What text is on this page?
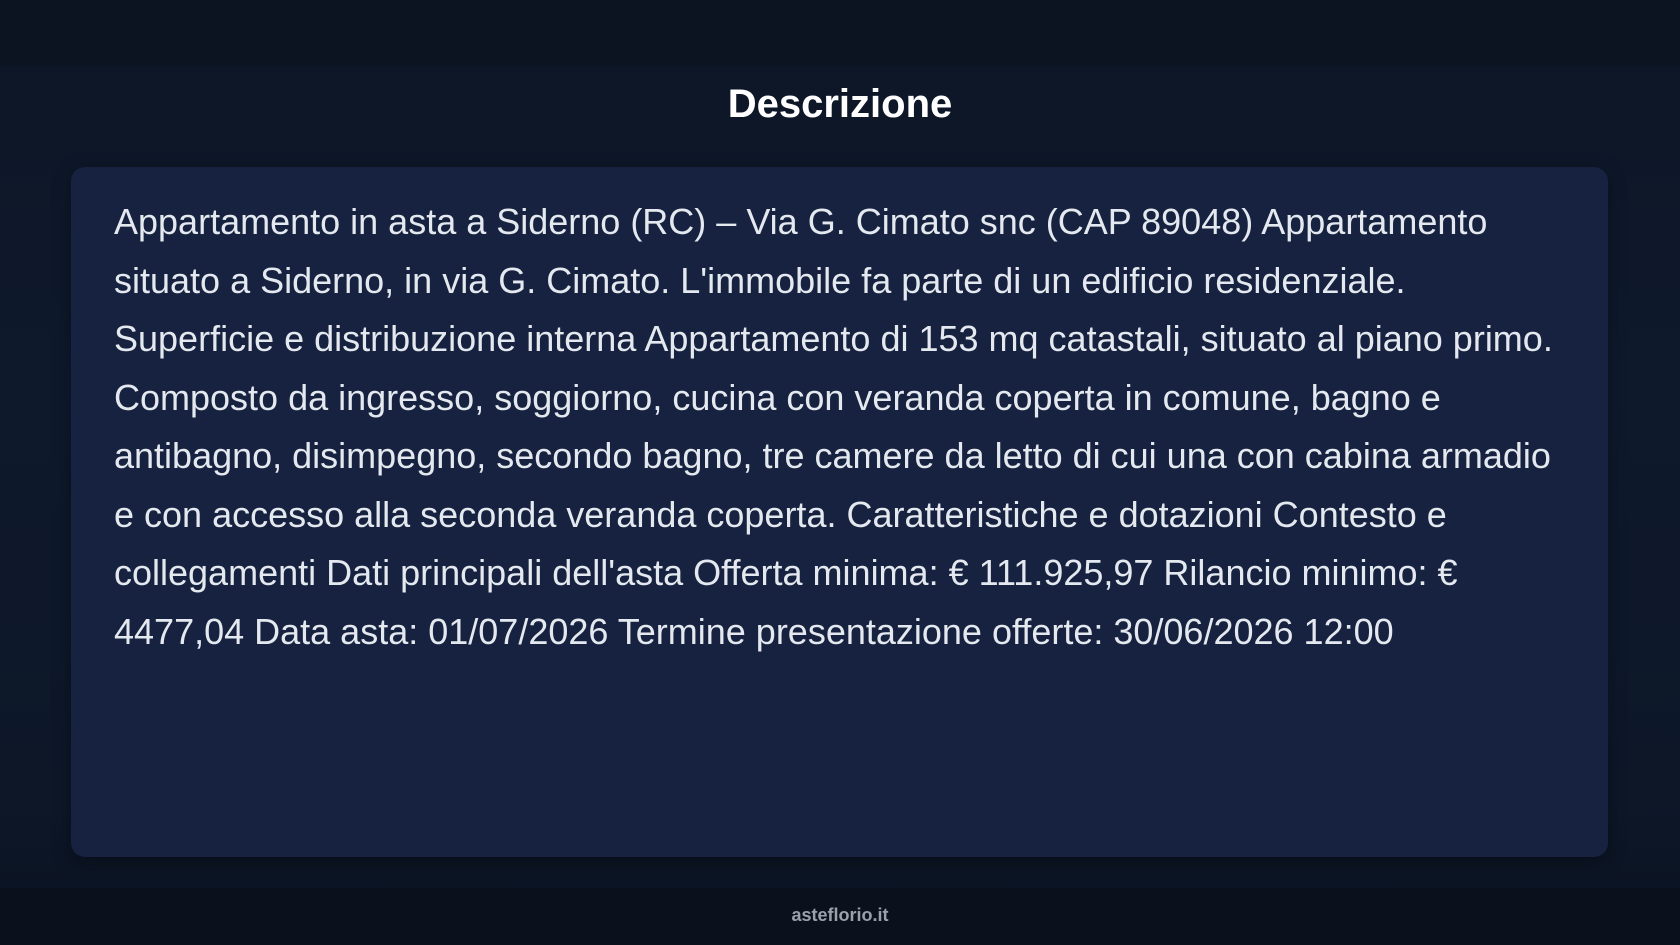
Descrizione

Appartamento in asta a Siderno (RC) – Via G. Cimato snc (CAP 89048) Appartamento situato a Siderno, in via G. Cimato. L'immobile fa parte di un edificio residenziale. Superficie e distribuzione interna Appartamento di 153 mq catastali, situato al piano primo. Composto da ingresso, soggiorno, cucina con veranda coperta in comune, bagno e antibagno, disimpegno, secondo bagno, tre camere da letto di cui una con cabina armadio e con accesso alla seconda veranda coperta. Caratteristiche e dotazioni Contesto e collegamenti Dati principali dell'asta Offerta minima: € 111.925,97 Rilancio minimo: € 4477,04 Data asta: 01/07/2026 Termine presentazione offerte: 30/06/2026 12:00

asteflorio.it
